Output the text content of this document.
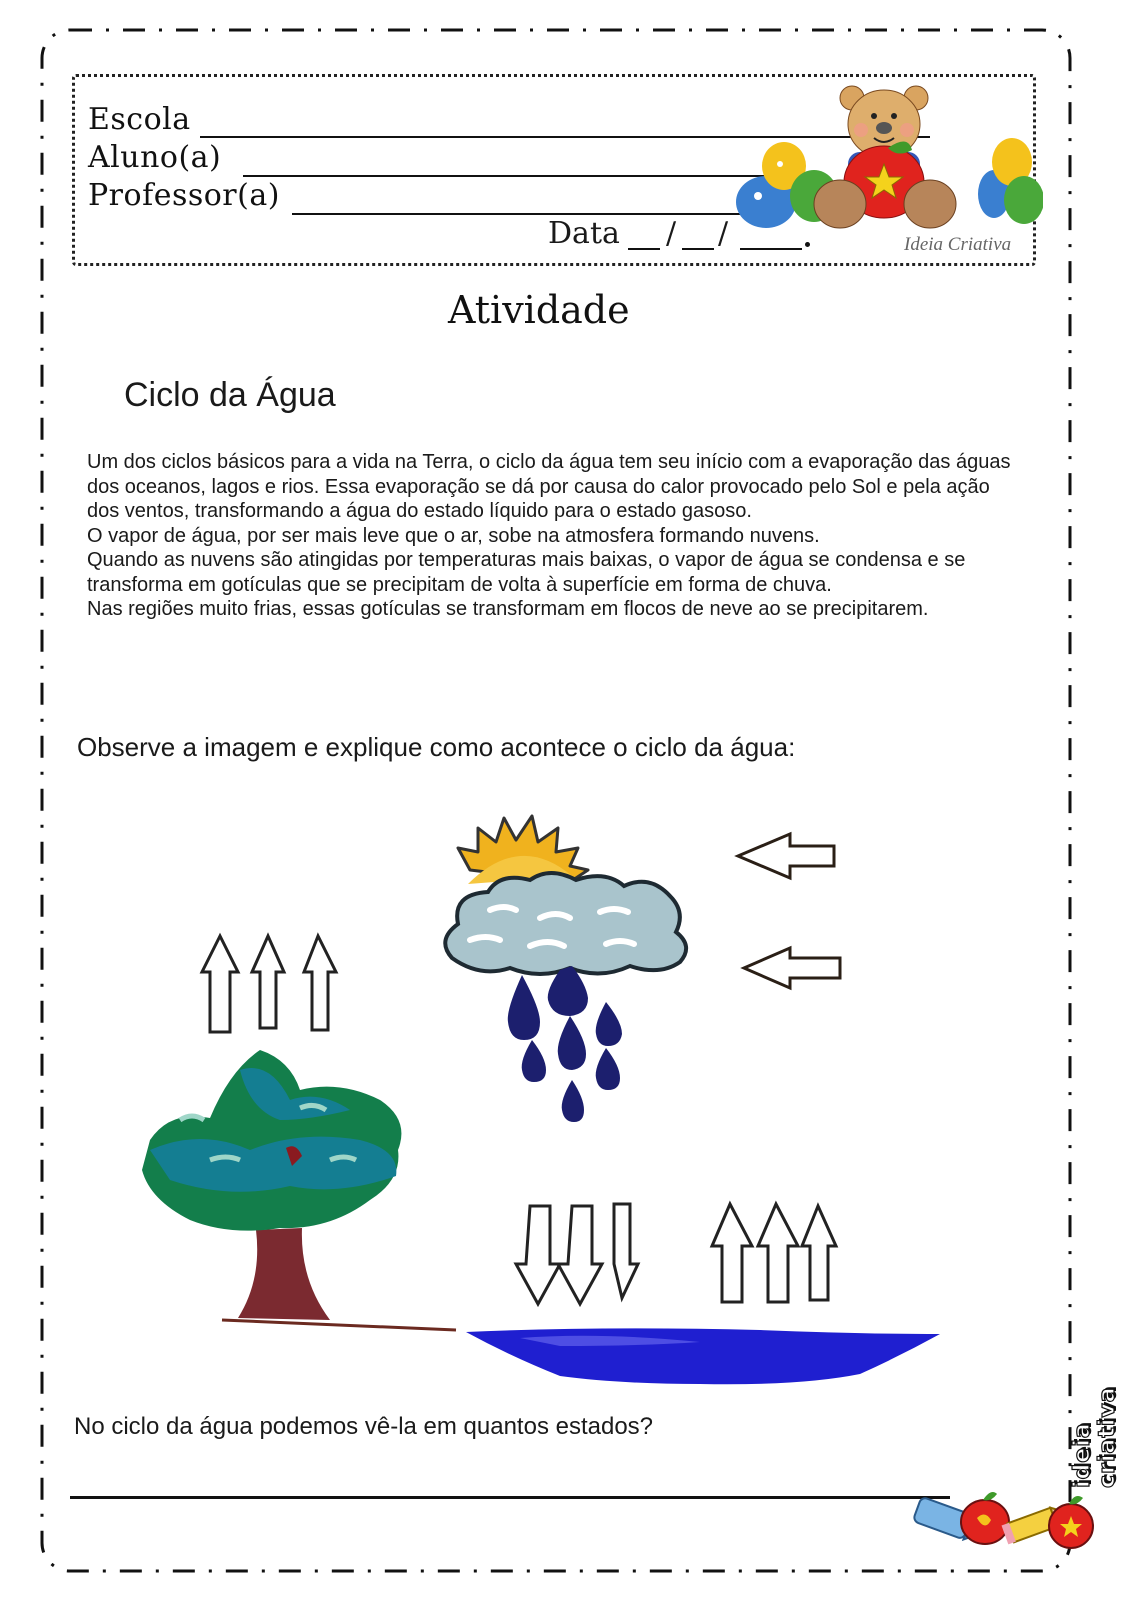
Escola
Aluno(a)
Professor(a)
Data / /	Ideia Criativa
Atividade
Ciclo da Água

Um dos ciclos básicos para a vida na Terra, o ciclo da água tem seu início com a evaporação das águas dos oceanos, lagos e rios. Essa evaporação se dá por causa do calor provocado pelo Sol e pela ação dos ventos, transformando a água do estado líquido para o estado gasoso.

O vapor de água, por ser mais leve que o ar, sobe na atmosfera formando nuvens.

Quando as nuvens são atingidas por temperaturas mais baixas, o vapor de água se condensa e se transforma em gotículas que se precipitam de volta à superfície em forma de chuva.

Nas regiões muito frias, essas gotículas se transformam em flocos de neve ao se precipitarem.

Observe a imagem e explique como acontece o ciclo da água:
No ciclo da água podemos vê-la em quantos estados?	ideia criativa
